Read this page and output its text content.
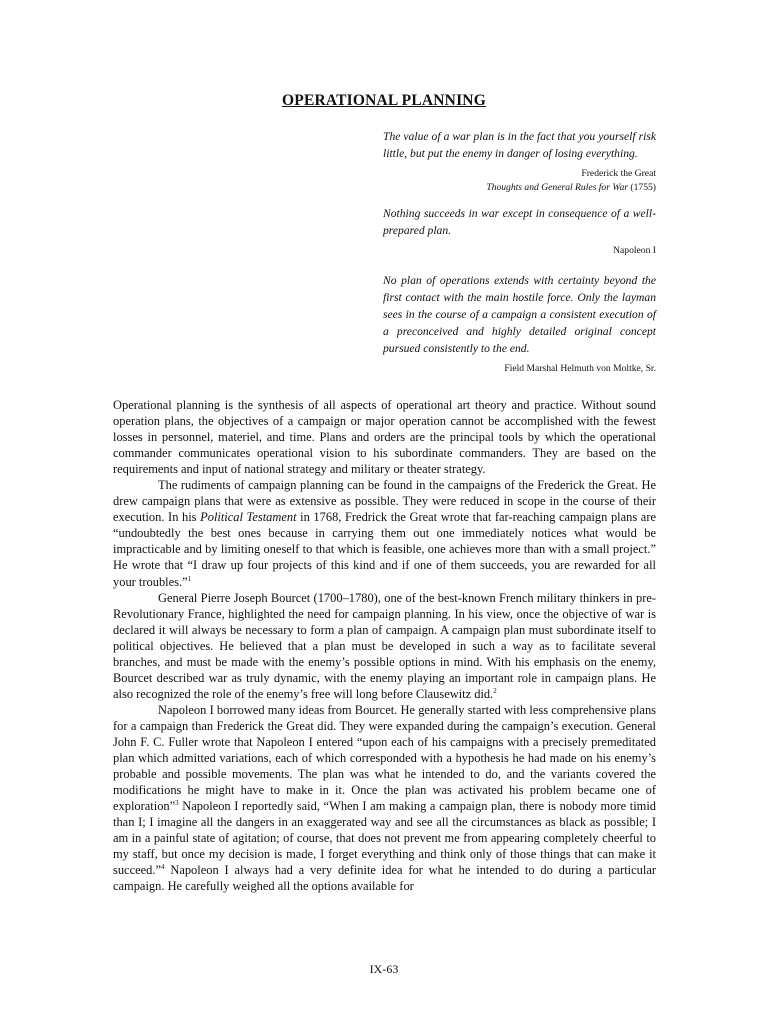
OPERATIONAL PLANNING

The value of a war plan is in the fact that you yourself risk little, but put the enemy in danger of losing everything.

Frederick the Great
Thoughts and General Rules for War (1755)

Nothing succeeds in war except in consequence of a well-prepared plan.

Napoleon I

No plan of operations extends with certainty beyond the first contact with the main hostile force. Only the layman sees in the course of a campaign a consistent execution of a preconceived and highly detailed original concept pursued consistently to the end.

Field Marshal Helmuth von Moltke, Sr.

Operational planning is the synthesis of all aspects of operational art theory and practice. Without sound operation plans, the objectives of a campaign or major operation cannot be accomplished with the fewest losses in personnel, materiel, and time. Plans and orders are the principal tools by which the operational commander communicates operational vision to his subordinate commanders. They are based on the requirements and input of national strategy and military or theater strategy.

The rudiments of campaign planning can be found in the campaigns of the Frederick the Great. He drew campaign plans that were as extensive as possible. They were reduced in scope in the course of their execution. In his Political Testament in 1768, Fredrick the Great wrote that far-reaching campaign plans are “undoubtedly the best ones because in carrying them out one immediately notices what would be impracticable and by limiting oneself to that which is feasible, one achieves more than with a small project.” He wrote that “I draw up four projects of this kind and if one of them succeeds, you are rewarded for all your troubles.”$^1$

General Pierre Joseph Bourcet (1700–1780), one of the best-known French military thinkers in pre-Revolutionary France, highlighted the need for campaign planning. In his view, once the objective of war is declared it will always be necessary to form a plan of campaign. A campaign plan must subordinate itself to political objectives. He believed that a plan must be developed in such a way as to facilitate several branches, and must be made with the enemy’s possible options in mind. With his emphasis on the enemy, Bourcet described war as truly dynamic, with the enemy playing an important role in campaign plans. He also recognized the role of the enemy’s free will long before Clausewitz did.$^2$

Napoleon I borrowed many ideas from Bourcet. He generally started with less comprehensive plans for a campaign than Frederick the Great did. They were expanded during the campaign’s execution. General John F. C. Fuller wrote that Napoleon I entered “upon each of his campaigns with a precisely premeditated plan which admitted variations, each of which corresponded with a hypothesis he had made on his enemy’s probable and possible movements. The plan was what he intended to do, and the variants covered the modifications he might have to make in it. Once the plan was activated his problem became one of exploration”$^3$ Napoleon I reportedly said, “When I am making a campaign plan, there is nobody more timid than I; I imagine all the dangers in an exaggerated way and see all the circumstances as black as possible; I am in a painful state of agitation; of course, that does not prevent me from appearing completely cheerful to my staff, but once my decision is made, I forget everything and think only of those things that can make it succeed.”$^4$ Napoleon I always had a very definite idea for what he intended to do during a particular campaign. He carefully weighed all the options available for

IX-63
